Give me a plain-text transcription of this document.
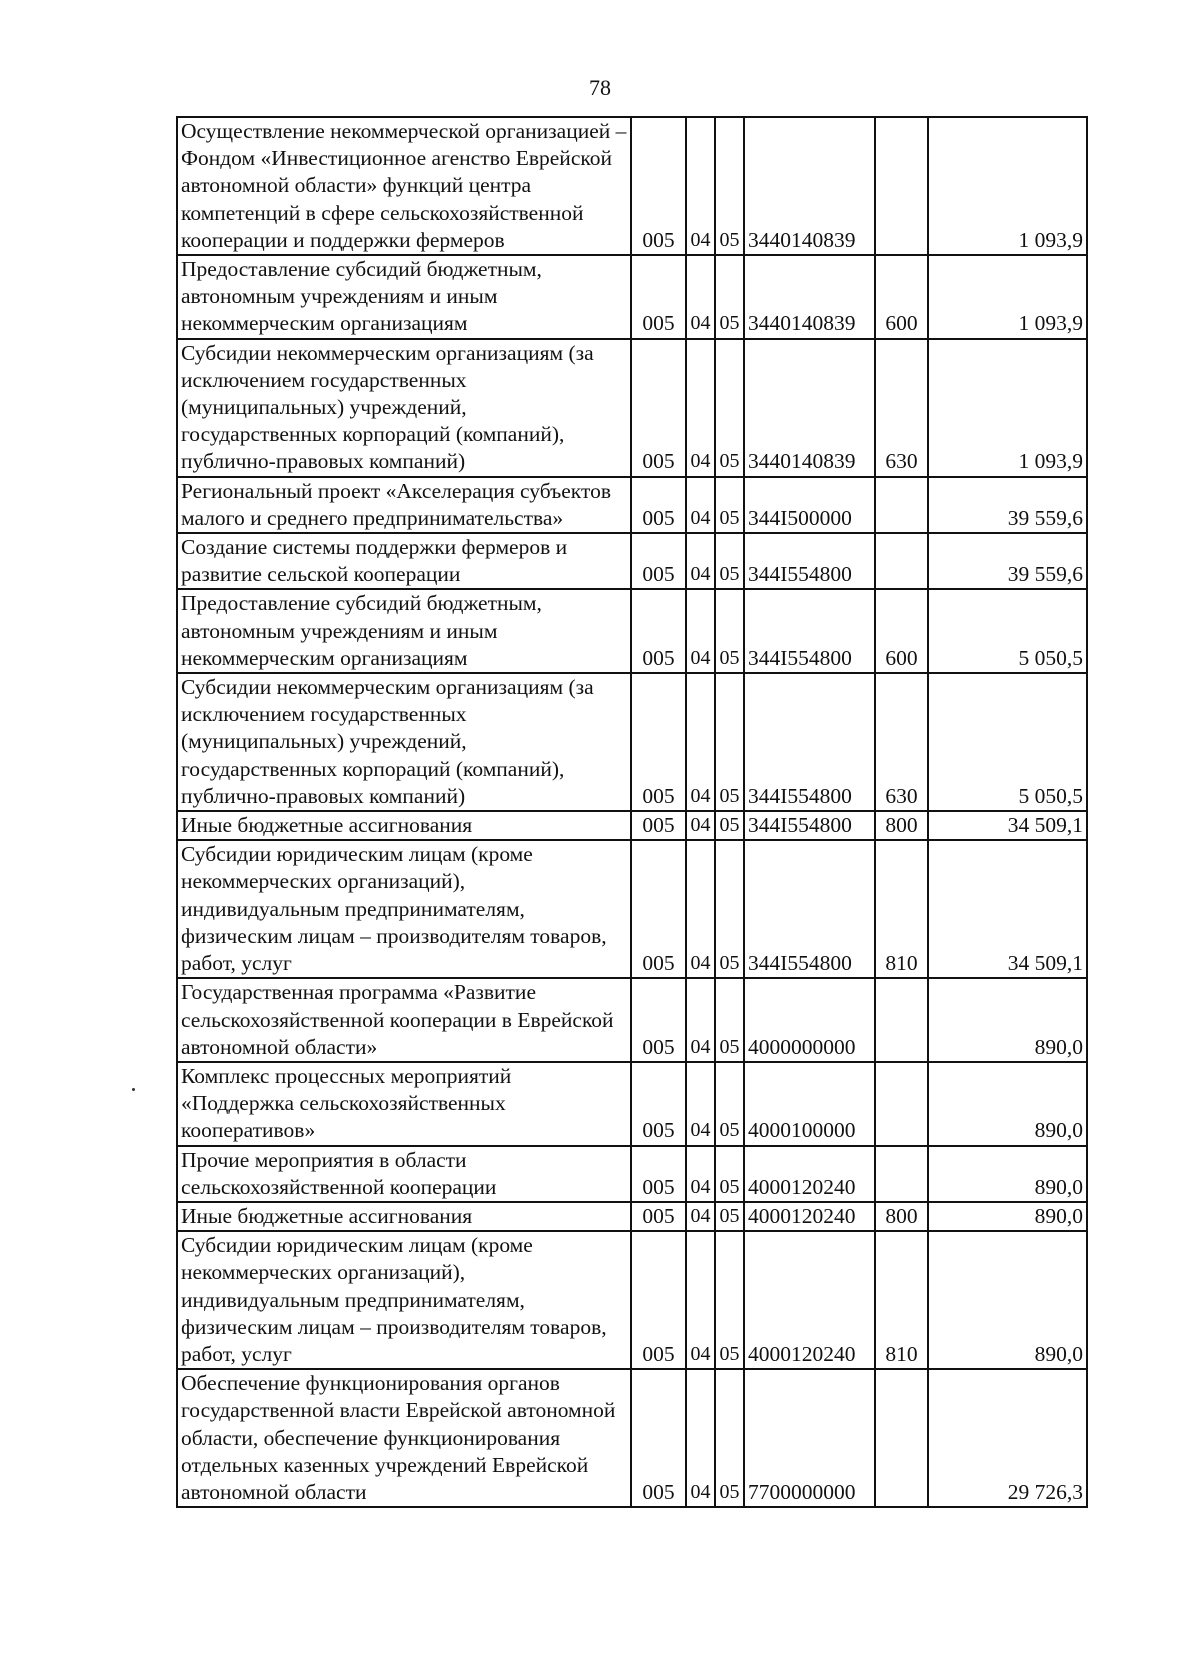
78
Осуществление некоммерческой организацией – Фондом «Инвестиционное агенство Еврейской автономной области» функций центра компетенций в сфере сельскохозяйственной кооперации и поддержки фермеров	005	04	05	3440140839		1 093,9
Предоставление субсидий бюджетным, автономным учреждениям и иным некоммерческим организациям	005	04	05	3440140839	600	1 093,9
Субсидии некоммерческим организациям (за исключением государственных (муниципальных) учреждений, государственных корпораций (компаний), публично-правовых компаний)	005	04	05	3440140839	630	1 093,9
Региональный проект «Акселерация субъектов малого и среднего предпринимательства»	005	04	05	344I500000		39 559,6
Создание системы поддержки фермеров и развитие сельской кооперации	005	04	05	344I554800		39 559,6
Предоставление субсидий бюджетным, автономным учреждениям и иным некоммерческим организациям	005	04	05	344I554800	600	5 050,5
Субсидии некоммерческим организациям (за исключением государственных (муниципальных) учреждений, государственных корпораций (компаний), публично-правовых компаний)	005	04	05	344I554800	630	5 050,5
Иные бюджетные ассигнования	005	04	05	344I554800	800	34 509,1
Субсидии юридическим лицам (кроме некоммерческих организаций), индивидуальным предпринимателям, физическим лицам – производителям товаров, работ, услуг	005	04	05	344I554800	810	34 509,1
Государственная программа «Развитие сельскохозяйственной кооперации в Еврейской автономной области»	005	04	05	4000000000		890,0
Комплекс процессных мероприятий «Поддержка сельскохозяйственных кооперативов»	005	04	05	4000100000		890,0
Прочие мероприятия в области сельскохозяйственной кооперации	005	04	05	4000120240		890,0
Иные бюджетные ассигнования	005	04	05	4000120240	800	890,0
Субсидии юридическим лицам (кроме некоммерческих организаций), индивидуальным предпринимателям, физическим лицам – производителям товаров, работ, услуг	005	04	05	4000120240	810	890,0
Обеспечение функционирования органов государственной власти Еврейской автономной области, обеспечение функционирования отдельных казенных учреждений Еврейской автономной области	005	04	05	7700000000		29 726,3
